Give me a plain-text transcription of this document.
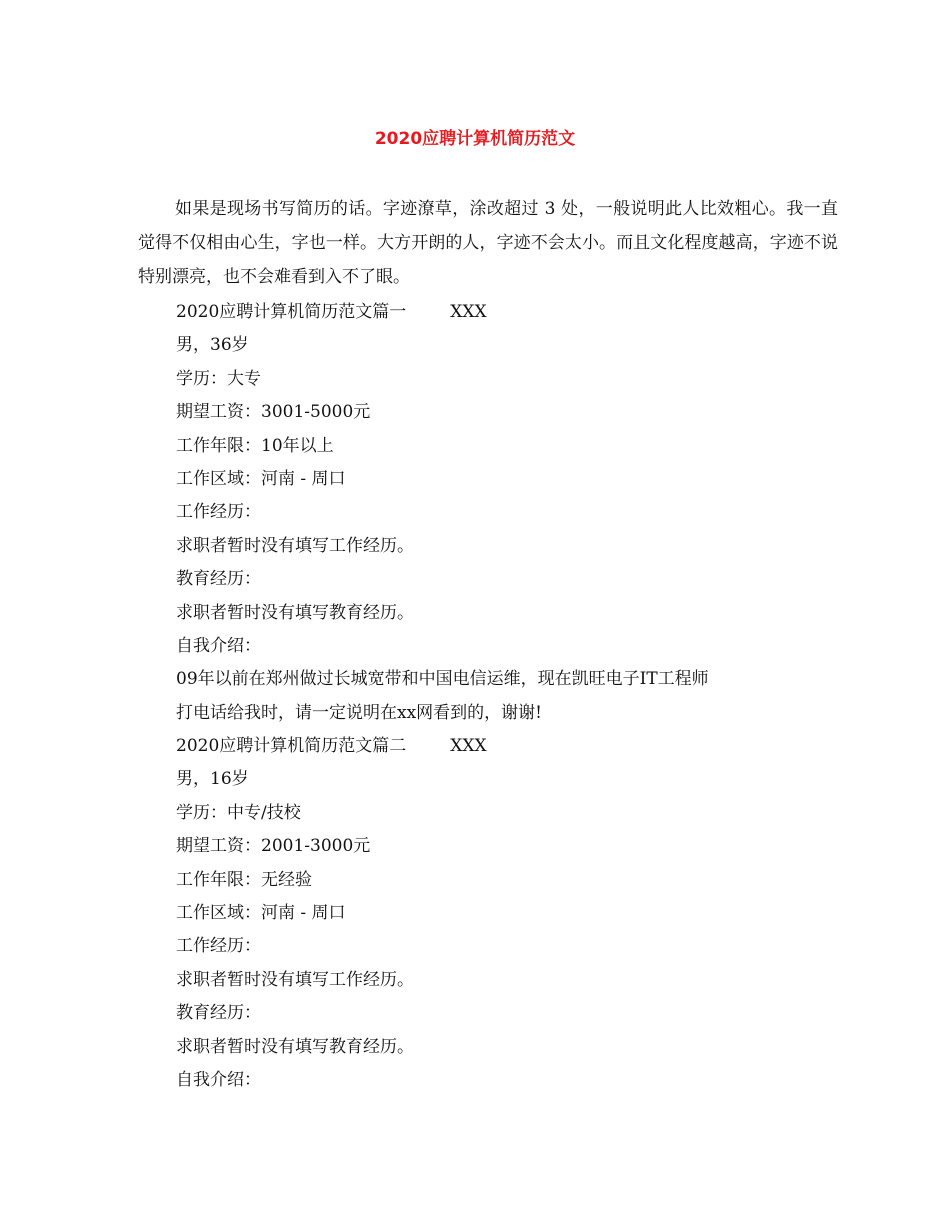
2020应聘计算机简历范文
如果是现场书写简历的话。字迹潦草，涂改超过 3 处，一般说明此人比效粗心。我一直觉得不仅相由心生，字也一样。大方开朗的人，字迹不会太小。而且文化程度越高，字迹不说特别漂亮，也不会难看到入不了眼。
2020应聘计算机简历范文篇一	XXX
男，36岁
学历：大专
期望工资：3001-5000元
工作年限：10年以上
工作区域：河南 - 周口
工作经历：
求职者暂时没有填写工作经历。
教育经历：
求职者暂时没有填写教育经历。
自我介绍：
09年以前在郑州做过长城宽带和中国电信运维，现在凯旺电子IT工程师
打电话给我时，请一定说明在xx网看到的，谢谢!
2020应聘计算机简历范文篇二	XXX
男，16岁
学历：中专/技校
期望工资：2001-3000元
工作年限：无经验
工作区域：河南 - 周口
工作经历：
求职者暂时没有填写工作经历。
教育经历：
求职者暂时没有填写教育经历。
自我介绍：
